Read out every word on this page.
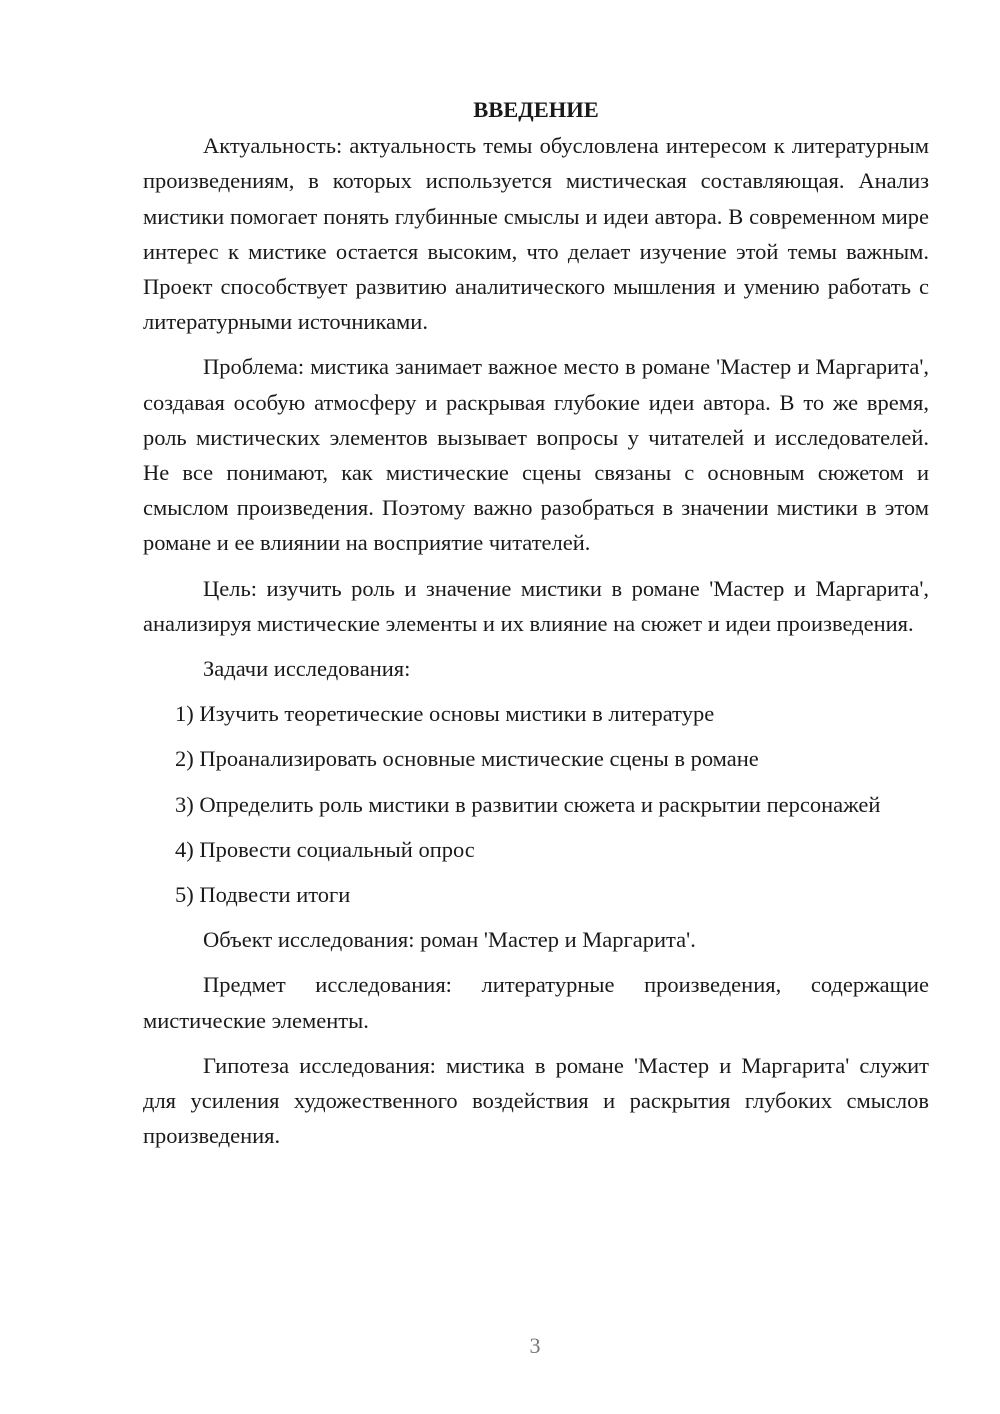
ВВЕДЕНИЕ

Актуальность: актуальность темы обусловлена интересом к литературным произведениям, в которых используется мистическая составляющая. Анализ мистики помогает понять глубинные смыслы и идеи автора. В современном мире интерес к мистике остается высоким, что делает изучение этой темы важным. Проект способствует развитию аналитического мышления и умению работать с литературными источниками.

Проблема: мистика занимает важное место в романе 'Мастер и Маргарита', создавая особую атмосферу и раскрывая глубокие идеи автора. В то же время, роль мистических элементов вызывает вопросы у читателей и исследователей. Не все понимают, как мистические сцены связаны с основным сюжетом и смыслом произведения. Поэтому важно разобраться в значении мистики в этом романе и ее влиянии на восприятие читателей.

Цель: изучить роль и значение мистики в романе 'Мастер и Маргарита', анализируя мистические элементы и их влияние на сюжет и идеи произведения.

Задачи исследования:

1) Изучить теоретические основы мистики в литературе
2) Проанализировать основные мистические сцены в романе
3) Определить роль мистики в развитии сюжета и раскрытии персонажей
4) Провести социальный опрос
5) Подвести итоги

Объект исследования: роман 'Мастер и Маргарита'.

Предмет исследования: литературные произведения, содержащие мистические элементы.

Гипотеза исследования: мистика в романе 'Мастер и Маргарита' служит для усиления художественного воздействия и раскрытия глубоких смыслов произведения.

3
